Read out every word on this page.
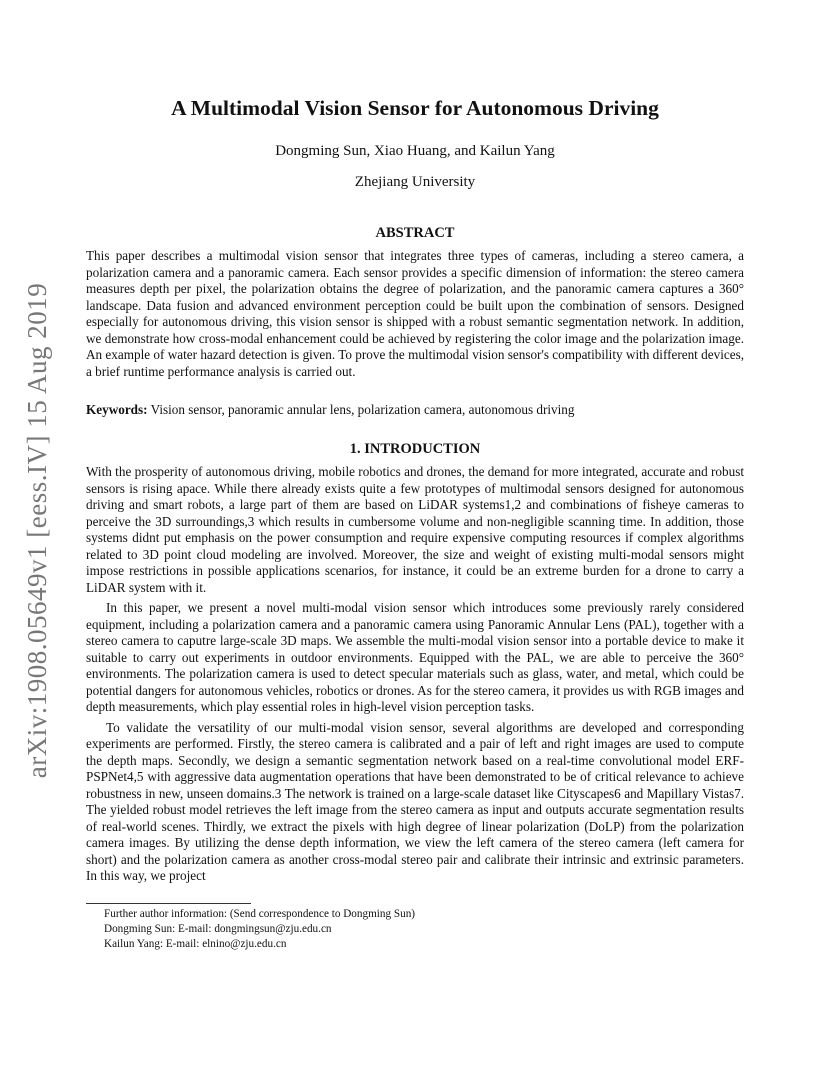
arXiv:1908.05649v1 [eess.IV] 15 Aug 2019
A Multimodal Vision Sensor for Autonomous Driving
Dongming Sun, Xiao Huang, and Kailun Yang
Zhejiang University
ABSTRACT

This paper describes a multimodal vision sensor that integrates three types of cameras, including a stereo camera, a polarization camera and a panoramic camera. Each sensor provides a specific dimension of information: the stereo camera measures depth per pixel, the polarization obtains the degree of polarization, and the panoramic camera captures a 360° landscape. Data fusion and advanced environment perception could be built upon the combination of sensors. Designed especially for autonomous driving, this vision sensor is shipped with a robust semantic segmentation network. In addition, we demonstrate how cross-modal enhancement could be achieved by registering the color image and the polarization image. An example of water hazard detection is given. To prove the multimodal vision sensor's compatibility with different devices, a brief runtime performance analysis is carried out.

Keywords: Vision sensor, panoramic annular lens, polarization camera, autonomous driving

1. INTRODUCTION

With the prosperity of autonomous driving, mobile robotics and drones, the demand for more integrated, accurate and robust sensors is rising apace. While there already exists quite a few prototypes of multimodal sensors designed for autonomous driving and smart robots, a large part of them are based on LiDAR systems1,2 and combinations of fisheye cameras to perceive the 3D surroundings,3 which results in cumbersome volume and non-negligible scanning time. In addition, those systems didnt put emphasis on the power consumption and require expensive computing resources if complex algorithms related to 3D point cloud modeling are involved. Moreover, the size and weight of existing multi-modal sensors might impose restrictions in possible applications scenarios, for instance, it could be an extreme burden for a drone to carry a LiDAR system with it.

In this paper, we present a novel multi-modal vision sensor which introduces some previously rarely considered equipment, including a polarization camera and a panoramic camera using Panoramic Annular Lens (PAL), together with a stereo camera to caputre large-scale 3D maps. We assemble the multi-modal vision sensor into a portable device to make it suitable to carry out experiments in outdoor environments. Equipped with the PAL, we are able to perceive the 360° environments. The polarization camera is used to detect specular materials such as glass, water, and metal, which could be potential dangers for autonomous vehicles, robotics or drones. As for the stereo camera, it provides us with RGB images and depth measurements, which play essential roles in high-level vision perception tasks.

To validate the versatility of our multi-modal vision sensor, several algorithms are developed and corresponding experiments are performed. Firstly, the stereo camera is calibrated and a pair of left and right images are used to compute the depth maps. Secondly, we design a semantic segmentation network based on a real-time convolutional model ERF-PSPNet4,5 with aggressive data augmentation operations that have been demonstrated to be of critical relevance to achieve robustness in new, unseen domains.3 The network is trained on a large-scale dataset like Cityscapes6 and Mapillary Vistas7. The yielded robust model retrieves the left image from the stereo camera as input and outputs accurate segmentation results of real-world scenes. Thirdly, we extract the pixels with high degree of linear polarization (DoLP) from the polarization camera images. By utilizing the dense depth information, we view the left camera of the stereo camera (left camera for short) and the polarization camera as another cross-modal stereo pair and calibrate their intrinsic and extrinsic parameters. In this way, we project

Further author information: (Send correspondence to Dongming Sun)
Dongming Sun: E-mail: dongmingsun@zju.edu.cn
Kailun Yang: E-mail: elnino@zju.edu.cn
